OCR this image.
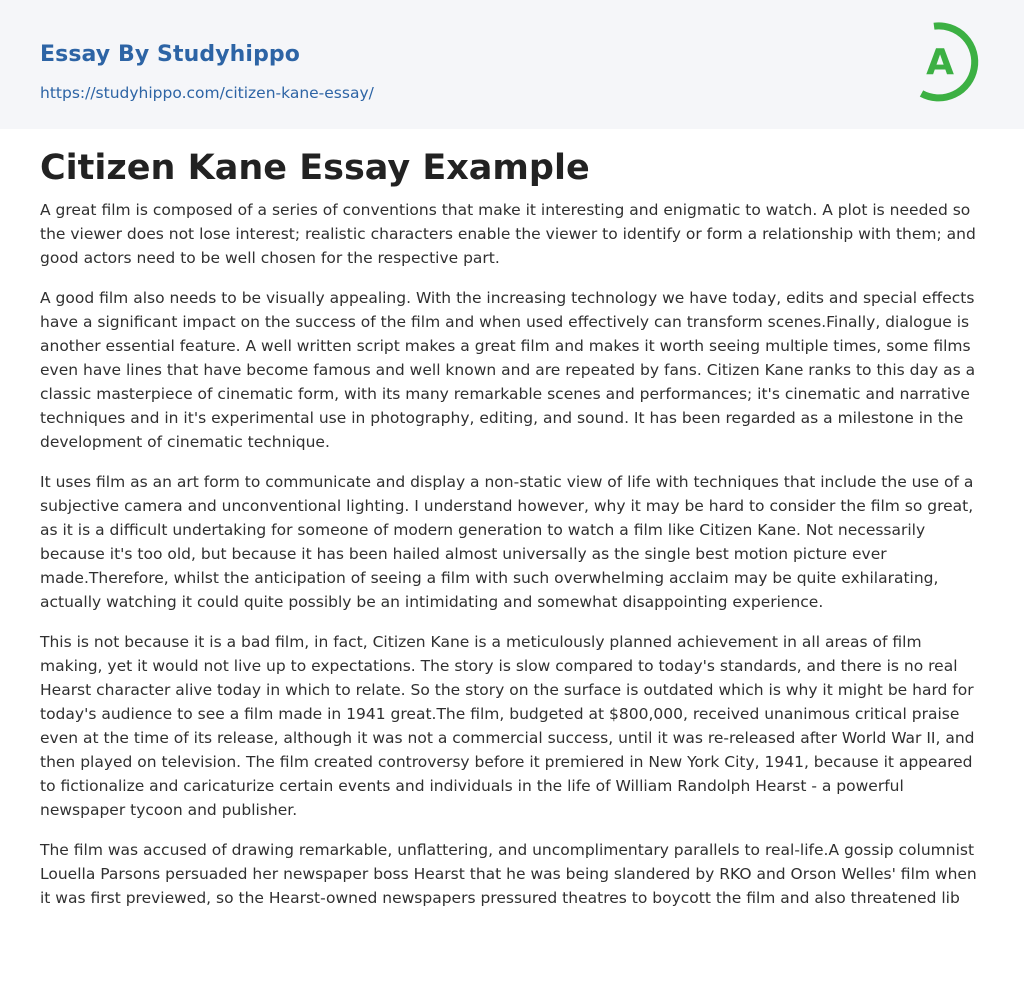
Essay By Studyhippo
https://studyhippo.com/citizen-kane-essay/
A
Citizen Kane Essay Example

A great film is composed of a series of conventions that make it interesting and enigmatic to watch. A plot is needed so the viewer does not lose interest; realistic characters enable the viewer to identify or form a relationship with them; and good actors need to be well chosen for the respective part.

A good film also needs to be visually appealing. With the increasing technology we have today, edits and special effects have a significant impact on the success of the film and when used effectively can transform scenes.Finally, dialogue is another essential feature. A well written script makes a great film and makes it worth seeing multiple times, some films even have lines that have become famous and well known and are repeated by fans. Citizen Kane ranks to this day as a classic masterpiece of cinematic form, with its many remarkable scenes and performances; it's cinematic and narrative techniques and in it's experimental use in photography, editing, and sound. It has been regarded as a milestone in the development of cinematic technique.

It uses film as an art form to communicate and display a non-static view of life with techniques that include the use of a subjective camera and unconventional lighting. I understand however, why it may be hard to consider the film so great, as it is a difficult undertaking for someone of modern generation to watch a film like Citizen Kane. Not necessarily because it's too old, but because it has been hailed almost universally as the single best motion picture ever made.Therefore, whilst the anticipation of seeing a film with such overwhelming acclaim may be quite exhilarating, actually watching it could quite possibly be an intimidating and somewhat disappointing experience.

This is not because it is a bad film, in fact, Citizen Kane is a meticulously planned achievement in all areas of film making, yet it would not live up to expectations. The story is slow compared to today's standards, and there is no real Hearst character alive today in which to relate. So the story on the surface is outdated which is why it might be hard for today's audience to see a film made in 1941 great.The film, budgeted at $800,000, received unanimous critical praise even at the time of its release, although it was not a commercial success, until it was re-released after World War II, and then played on television. The film created controversy before it premiered in New York City, 1941, because it appeared to fictionalize and caricaturize certain events and individuals in the life of William Randolph Hearst - a powerful newspaper tycoon and publisher.

The film was accused of drawing remarkable, unflattering, and uncomplimentary parallels to real-life.A gossip columnist Louella Parsons persuaded her newspaper boss Hearst that he was being slandered by RKO and Orson Welles' film when it was first previewed, so the Hearst-owned newspapers pressured theatres to boycott the film and also threatened lib
